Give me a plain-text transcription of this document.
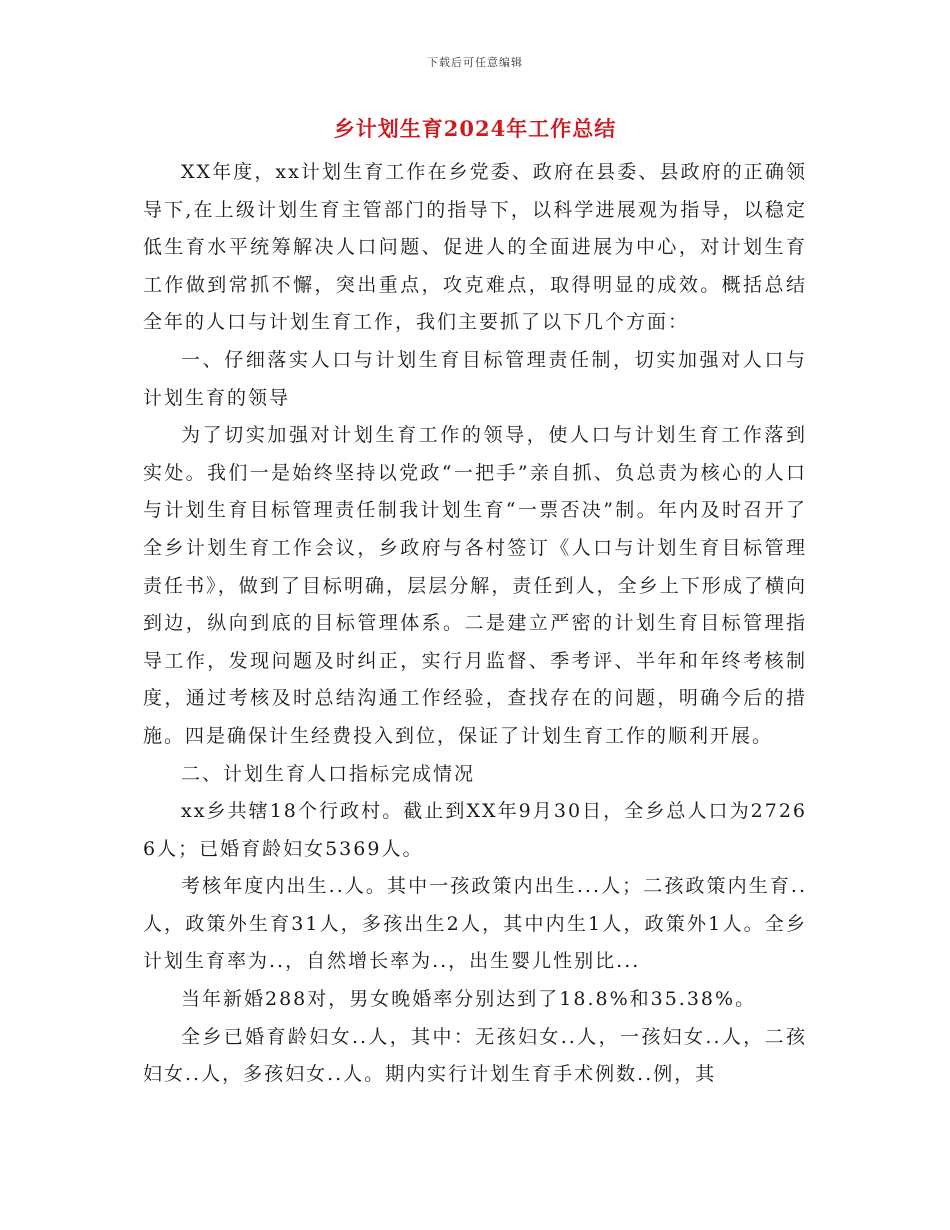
下载后可任意编辑
乡计划生育2024年工作总结

XX年度，xx计划生育工作在乡党委、政府在县委、县政府的正确领导下,在上级计划生育主管部门的指导下，以科学进展观为指导，以稳定低生育水平统筹解决人口问题、促进人的全面进展为中心，对计划生育工作做到常抓不懈，突出重点，攻克难点，取得明显的成效。概括总结全年的人口与计划生育工作，我们主要抓了以下几个方面：

一、仔细落实人口与计划生育目标管理责任制，切实加强对人口与计划生育的领导

为了切实加强对计划生育工作的领导，使人口与计划生育工作落到实处。我们一是始终坚持以党政“一把手”亲自抓、负总责为核心的人口与计划生育目标管理责任制我计划生育“一票否决”制。年内及时召开了全乡计划生育工作会议，乡政府与各村签订《人口与计划生育目标管理责任书》，做到了目标明确，层层分解，责任到人，全乡上下形成了横向到边，纵向到底的目标管理体系。二是建立严密的计划生育目标管理指导工作，发现问题及时纠正，实行月监督、季考评、半年和年终考核制度，通过考核及时总结沟通工作经验，查找存在的问题，明确今后的措施。四是确保计生经费投入到位，保证了计划生育工作的顺利开展。

二、计划生育人口指标完成情况

xx乡共辖18个行政村。截止到XX年9月30日，全乡总人口为27266人；已婚育龄妇女5369人。

考核年度内出生..人。其中一孩政策内出生...人；二孩政策内生育..人，政策外生育31人，多孩出生2人，其中内生1人，政策外1人。全乡计划生育率为..，自然增长率为..，出生婴儿性别比...

当年新婚288对，男女晚婚率分别达到了18.8%和35.38%。

全乡已婚育龄妇女..人，其中：无孩妇女..人，一孩妇女..人，二孩妇女..人，多孩妇女..人。期内实行计划生育手术例数..例，其
